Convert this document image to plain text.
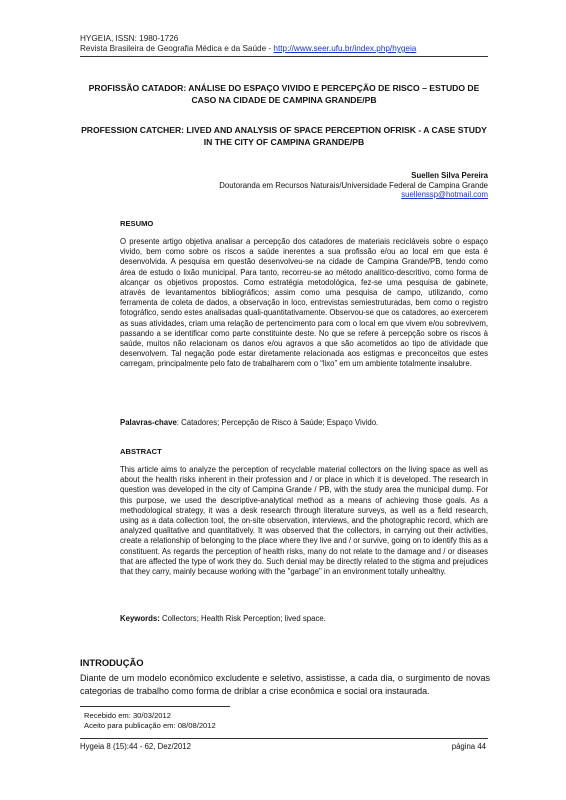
HYGEIA, ISSN: 1980-1726
Revista Brasileira de Geografia Médica e da Saúde - http://www.seer.ufu.br/index.php/hygeia
PROFISSÃO CATADOR: ANÁLISE DO ESPAÇO VIVIDO E PERCEPÇÃO DE RISCO – ESTUDO DE CASO NA CIDADE DE CAMPINA GRANDE/PB
PROFESSION CATCHER: LIVED AND ANALYSIS OF SPACE PERCEPTION OFRISK - A CASE STUDY IN THE CITY OF CAMPINA GRANDE/PB
Suellen Silva Pereira
Doutoranda em Recursos Naturais/Universidade Federal de Campina Grande
suellenssp@hotmail.com
RESUMO
O presente artigo objetiva analisar a percepção dos catadores de materiais recicláveis sobre o espaço vivido, bem como sobre os riscos a saúde inerentes a sua profissão e/ou ao local em que esta é desenvolvida. A pesquisa em questão desenvolveu-se na cidade de Campina Grande/PB, tendo como área de estudo o lixão municipal. Para tanto, recorreu-se ao método analítico-descritivo, como forma de alcançar os objetivos propostos. Como estratégia metodológica, fez-se uma pesquisa de gabinete, através de levantamentos bibliográficos; assim como uma pesquisa de campo, utilizando, como ferramenta de coleta de dados, a observação in loco, entrevistas semiestruturadas, bem como o registro fotográfico, sendo estes analisadas quali-quantitativamente. Observou-se que os catadores, ao exercerem as suas atividades, criam uma relação de pertencimento para com o local em que vivem e/ou sobrevivem, passando a se identificar como parte constituinte deste. No que se refere à percepção sobre os riscos à saúde, muitos não relacionam os danos e/ou agravos a que são acometidos ao tipo de atividade que desenvolvem. Tal negação pode estar diretamente relacionada aos estigmas e preconceitos que estes carregam, principalmente pelo fato de trabalharem com o “lixo” em um ambiente totalmente insalubre.
Palavras-chave: Catadores; Percepção de Risco à Saúde; Espaço Vivido.
ABSTRACT
This article aims to analyze the perception of recyclable material collectors on the living space as well as about the health risks inherent in their profession and / or place in which it is developed. The research in question was developed in the city of Campina Grande / PB, with the study area the municipal dump. For this purpose, we used the descriptive-analytical method as a means of achieving those goals. As a methodological strategy, it was a desk research through literature surveys, as well as a field research, using as a data collection tool, the on-site observation, interviews, and the photographic record, which are analyzed qualitative and quantitatively. It was observed that the collectors, in carrying out their activities, create a relationship of belonging to the place where they live and / or survive, going on to identify this as a constituent. As regards the perception of health risks, many do not relate to the damage and / or diseases that are affected the type of work they do. Such denial may be directly related to the stigma and prejudices that they carry, mainly because working with the "garbage" in an environment totally unhealthy.
Keywords: Collectors; Health Risk Perception; lived space.
INTRODUÇÃO
Diante de um modelo econômico excludente e seletivo, assistisse, a cada dia, o surgimento de novas categorias de trabalho como forma de driblar a crise econômica e social ora instaurada.
Recebido em: 30/03/2012
Aceito para publicação em: 08/08/2012
Hygeia 8 (15):44 - 62, Dez/2012	página 44
